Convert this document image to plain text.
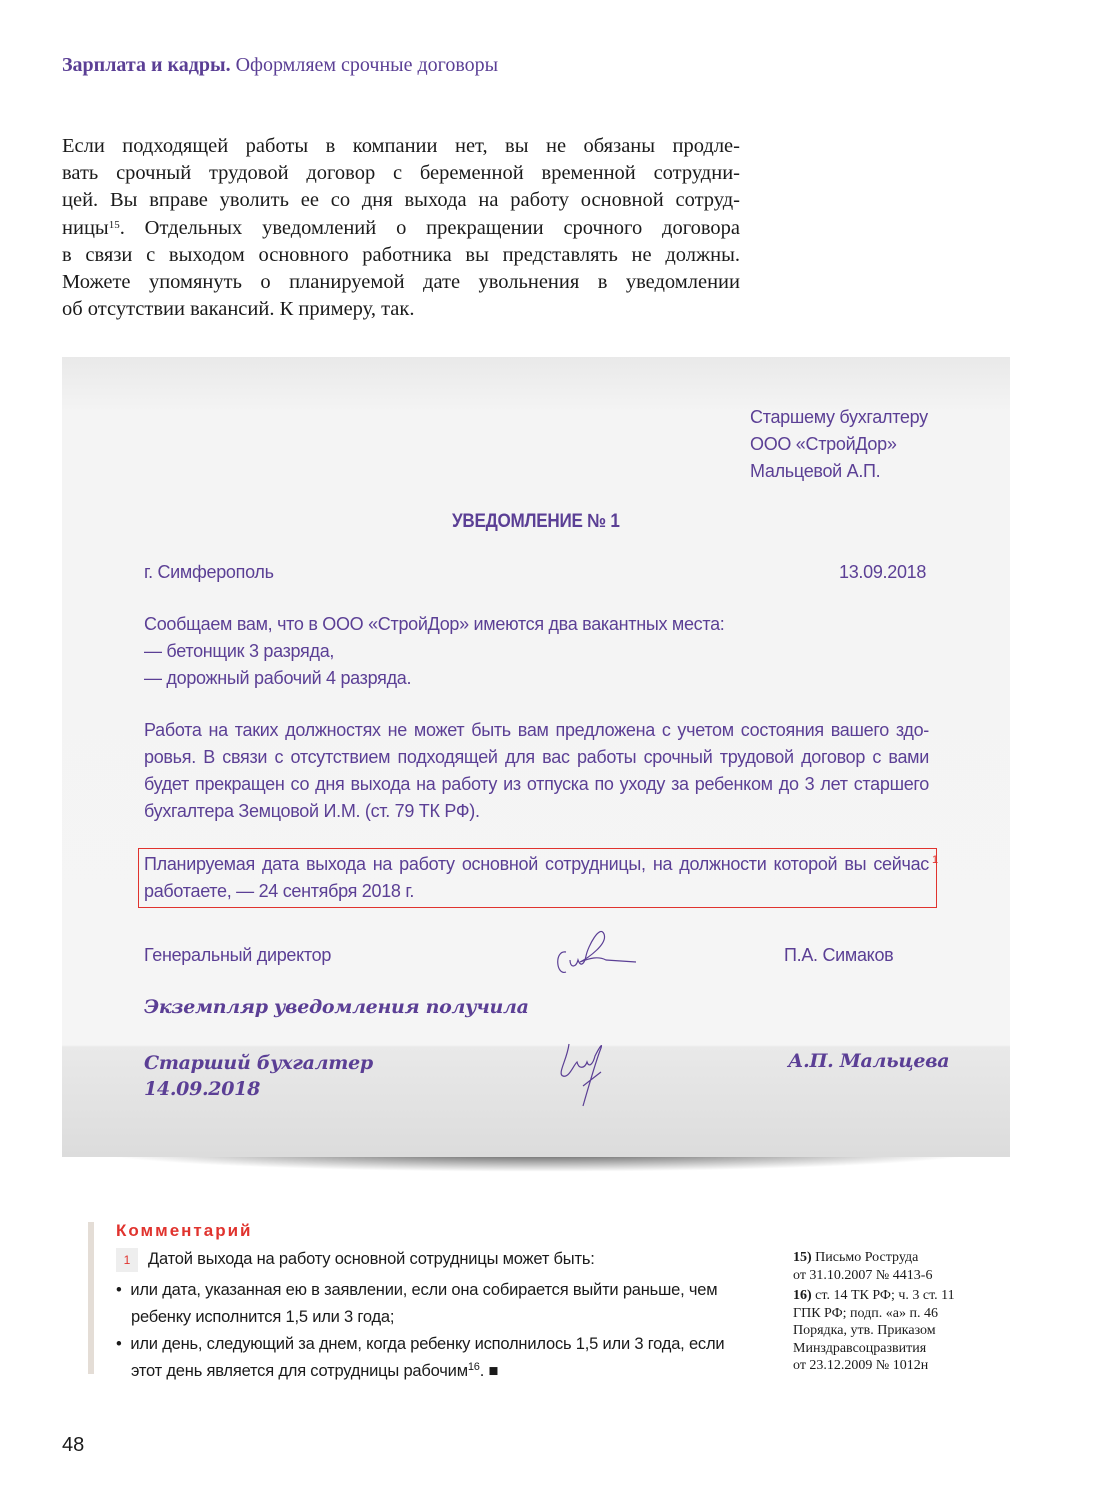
Зарплата и кадры. Оформляем срочные договоры
Если подходящей работы в компании нет, вы не обязаны продле-
вать срочный трудовой договор с беременной временной сотрудни-
цей. Вы вправе уволить ее со дня выхода на работу основной сотруд-
ницы$^{15}$. Отдельных уведомлений о прекращении срочного договора
в связи с выходом основного работника вы представлять не должны.
Можете упомянуть о планируемой дате увольнения в уведомлении
об отсутствии вакансий. К примеру, так.
Старшему бухгалтеру
ООО «СтройДор»
Мальцевой А.П.
УВЕДОМЛЕНИЕ № 1
г. Симферополь	13.09.2018
Сообщаем вам, что в ООО «СтройДор» имеются два вакантных места:
— бетонщик 3 разряда,
— дорожный рабочий 4 разряда.
Работа на таких должностях не может быть вам предложена с учетом состояния вашего здо-
ровья. В связи с отсутствием подходящей для вас работы срочный трудовой договор с вами
будет прекращен со дня выхода на работу из отпуска по уходу за ребенком до 3 лет старшего
бухгалтера Земцовой И.М. (ст. 79 ТК РФ).
1
Планируемая дата выхода на работу основной сотрудницы, на должности которой вы сейчас
работаете, — 24 сентября 2018 г.
Генеральный директор	П.А. Симаков
Экземпляр уведомления получила
Старший бухгалтер
14.09.2018
А.П. Мальцева
Комментарий
1	Датой выхода на работу основной сотрудницы может быть:
•  или дата, указанная ею в заявлении, если она собирается выйти раньше, чем
ребенку исполнится 1,5 или 3 года;
•  или день, следующий за днем, когда ребенку исполнилось 1,5 или 3 года, если
этот день является для сотрудницы рабочим$^{16}$. ■
15) Письмо Роструда
от 31.10.2007 № 4413-6
16) ст. 14 ТК РФ; ч. 3 ст. 11
ГПК РФ; подп. «а» п. 46
Порядка, утв. Приказом
Минздравсоцразвития
от 23.12.2009 № 1012н
48
